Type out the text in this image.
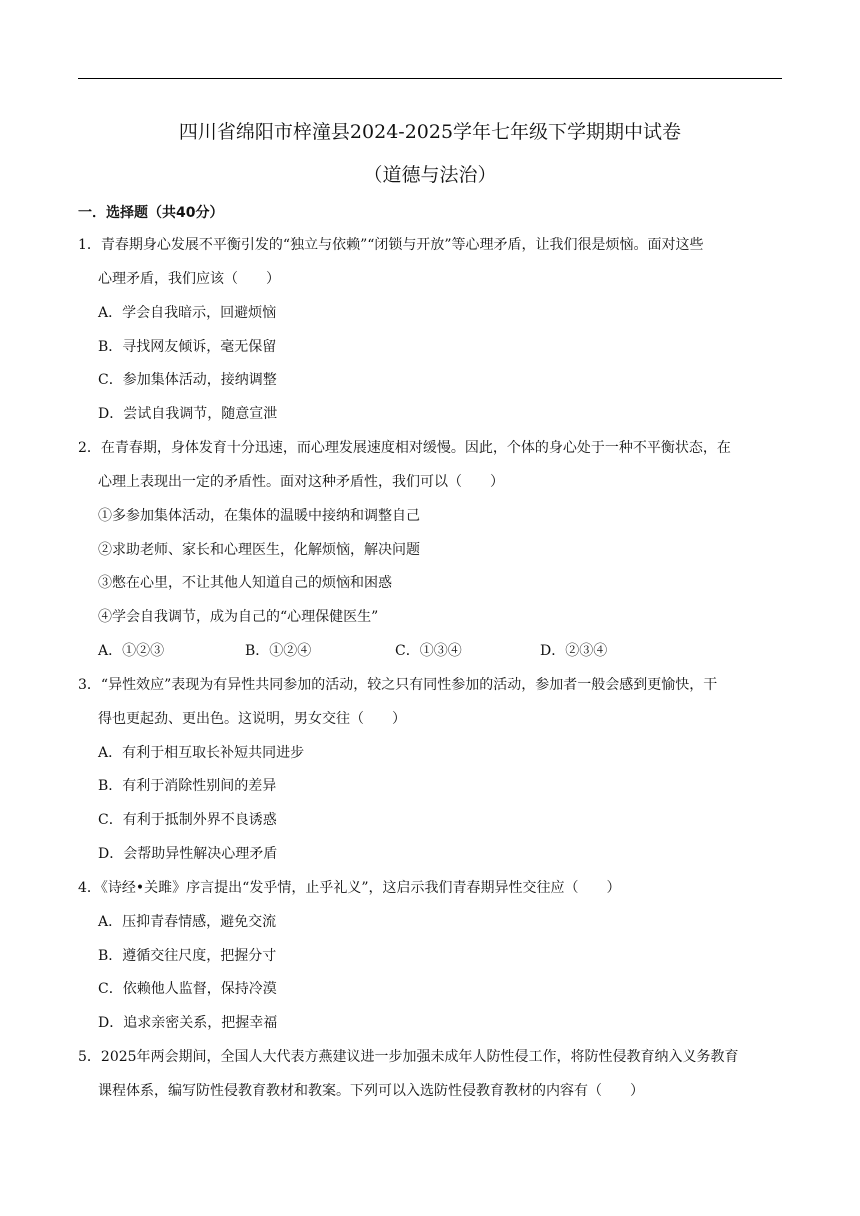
四川省绵阳市梓潼县2024-2025学年七年级下学期期中试卷
（道德与法治）
一．选择题（共40分）
1．青春期身心发展不平衡引发的“独立与依赖”“闭锁与开放”等心理矛盾，让我们很是烦恼。面对这些
心理矛盾，我们应该（　　）
A．学会自我暗示，回避烦恼
B．寻找网友倾诉，毫无保留
C．参加集体活动，接纳调整
D．尝试自我调节，随意宣泄
2．在青春期，身体发育十分迅速，而心理发展速度相对缓慢。因此，个体的身心处于一种不平衡状态，在
心理上表现出一定的矛盾性。面对这种矛盾性，我们可以（　　）
①多参加集体活动，在集体的温暖中接纳和调整自己
②求助老师、家长和心理医生，化解烦恼，解决问题
③憋在心里，不让其他人知道自己的烦恼和困惑
④学会自我调节，成为自己的“心理保健医生”
A．①②③	B．①②④	C．①③④	D．②③④
3．“异性效应”表现为有异性共同参加的活动，较之只有同性参加的活动，参加者一般会感到更愉快，干
得也更起劲、更出色。这说明，男女交往（　　）
A．有利于相互取长补短共同进步
B．有利于消除性别间的差异
C．有利于抵制外界不良诱惑
D．会帮助异性解决心理矛盾
4．《诗经•关雎》序言提出“发乎情，止乎礼义”，这启示我们青春期异性交往应（　　）
A．压抑青春情感，避免交流
B．遵循交往尺度，把握分寸
C．依赖他人监督，保持冷漠
D．追求亲密关系，把握幸福
5．2025年两会期间，全国人大代表方燕建议进一步加强未成年人防性侵工作，将防性侵教育纳入义务教育
课程体系，编写防性侵教育教材和教案。下列可以入选防性侵教育教材的内容有（　　）
